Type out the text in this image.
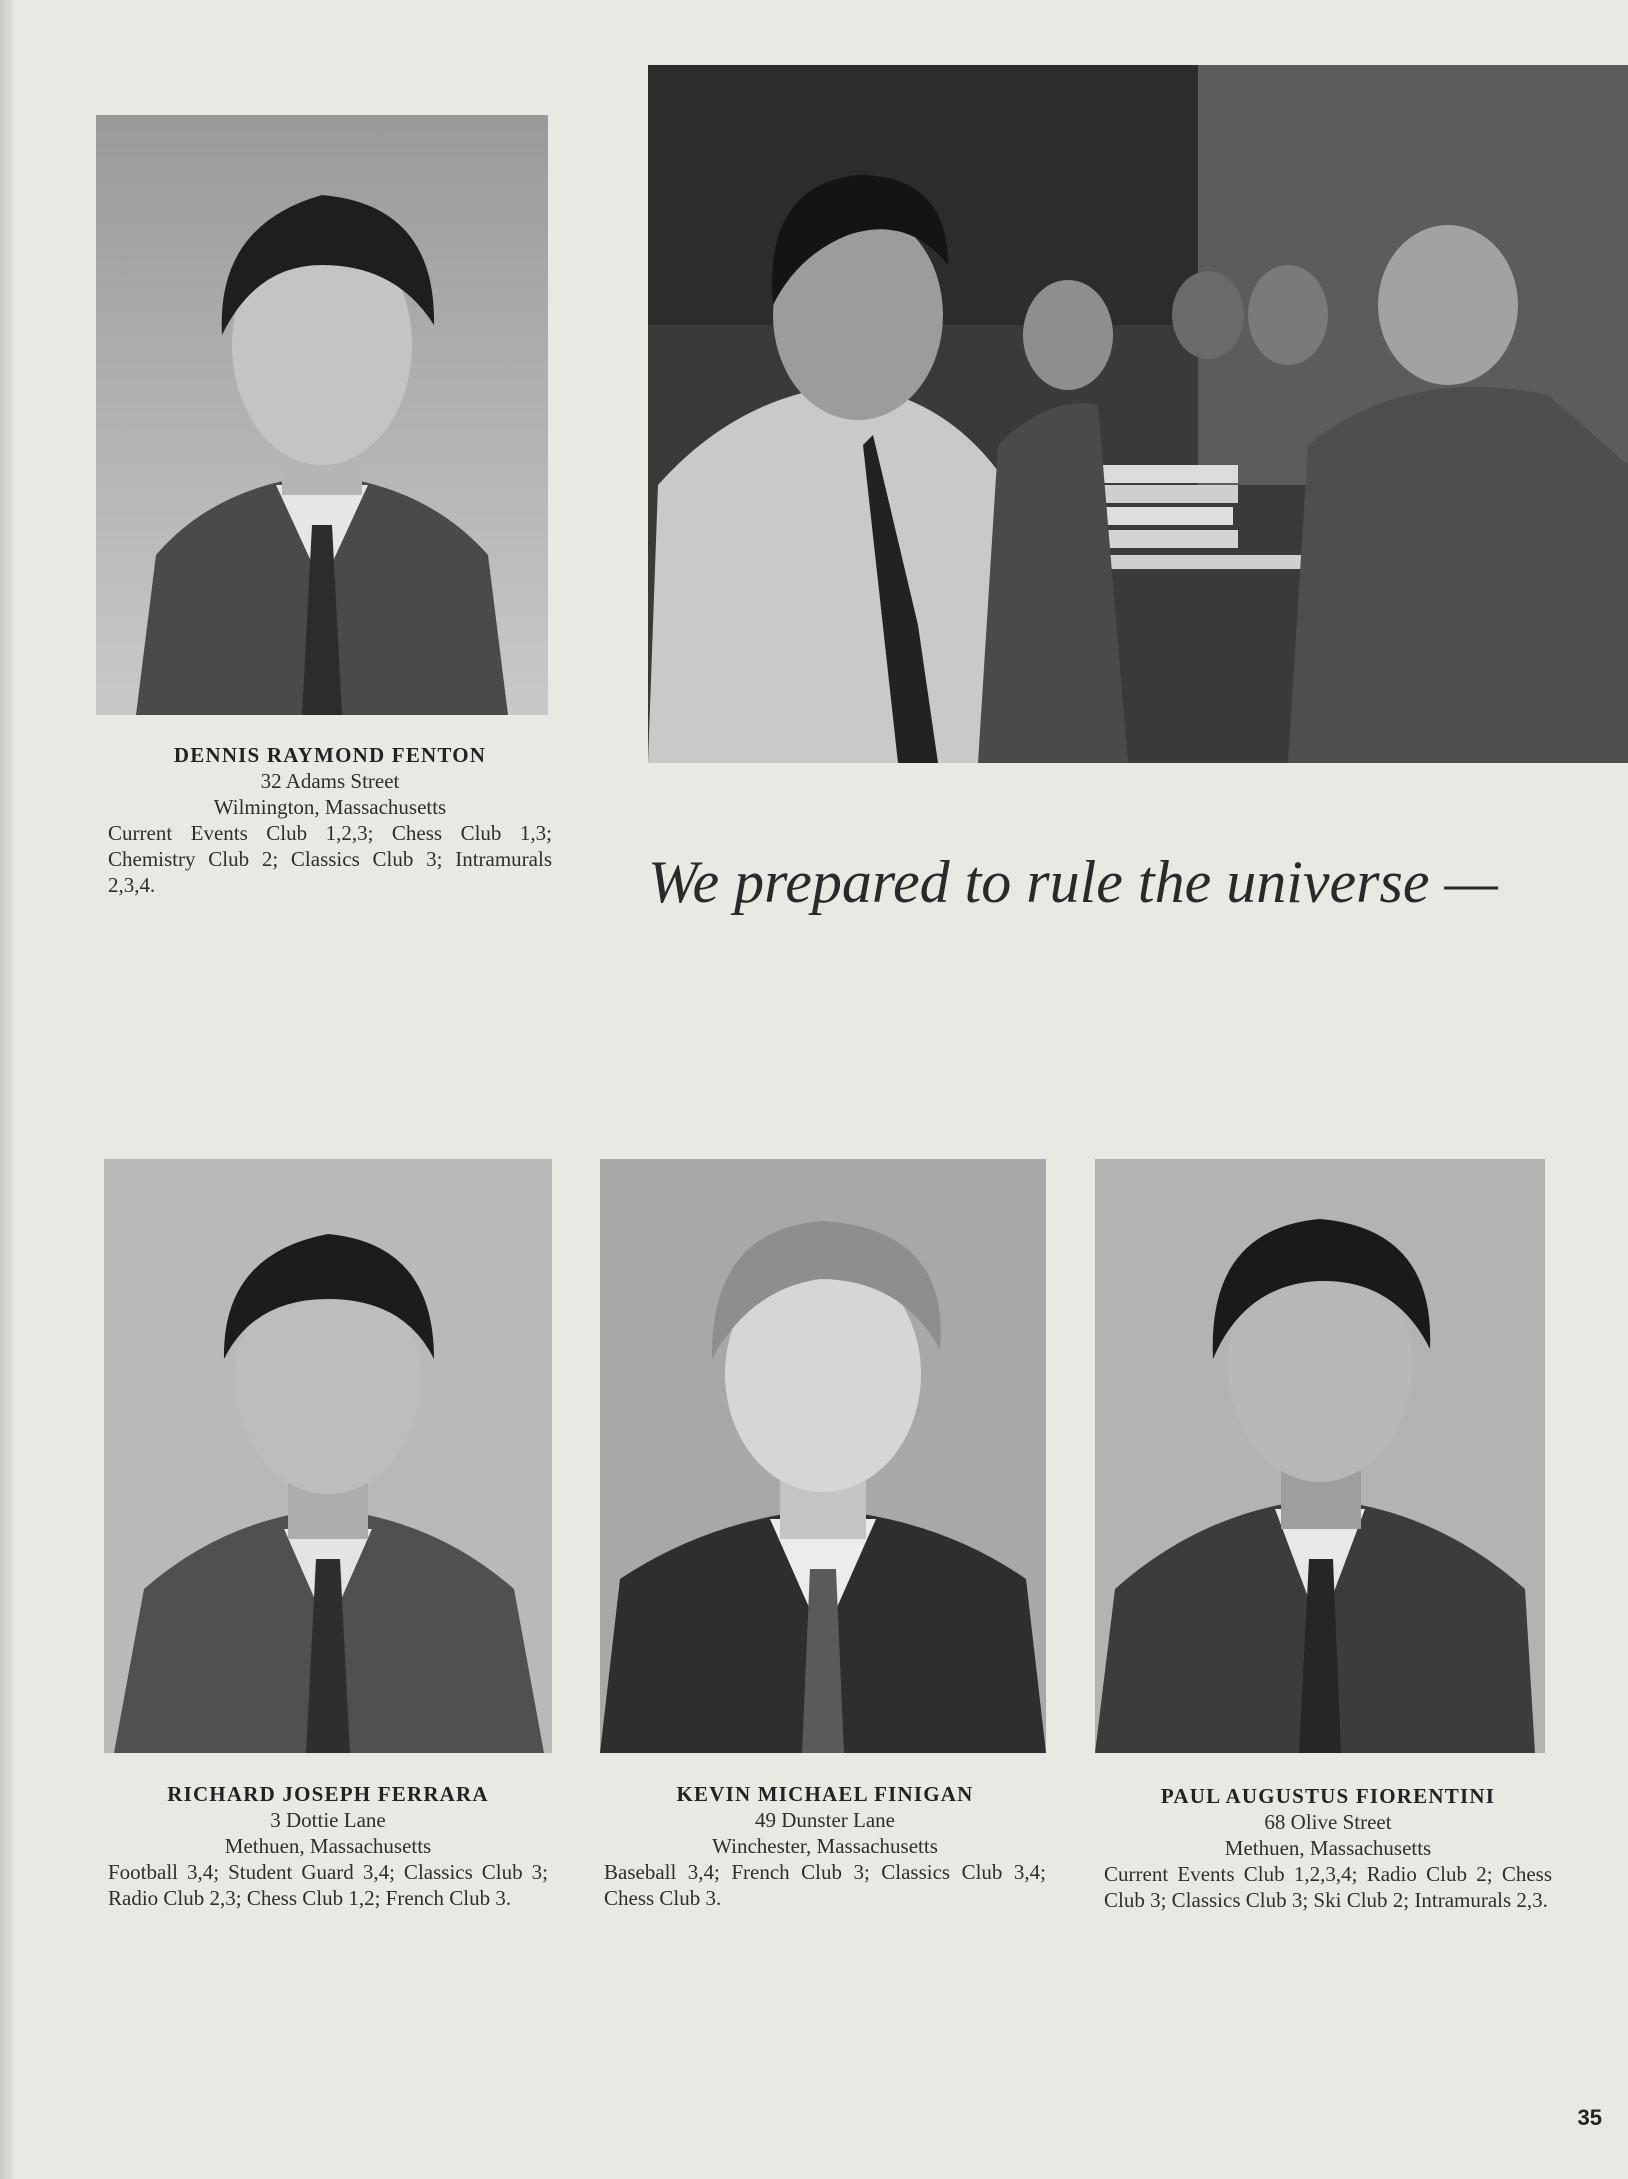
DENNIS RAYMOND FENTON
32 Adams Street
Wilmington, Massachusetts
Current Events Club 1,2,3; Chess Club 1,3; Chemistry Club 2; Classics Club 3; Intramurals 2,3,4.	We prepared to rule the universe —
RICHARD JOSEPH FERRARA
3 Dottie Lane
Methuen, Massachusetts
Football 3,4; Student Guard 3,4; Classics Club 3; Radio Club 2,3; Chess Club 1,2; French Club 3.
KEVIN MICHAEL FINIGAN
49 Dunster Lane
Winchester, Massachusetts
Baseball 3,4; French Club 3; Classics Club 3,4; Chess Club 3.
PAUL AUGUSTUS FIORENTINI
68 Olive Street
Methuen, Massachusetts
Current Events Club 1,2,3,4; Radio Club 2; Chess Club 3; Classics Club 3; Ski Club 2; Intramurals 2,3.
35
